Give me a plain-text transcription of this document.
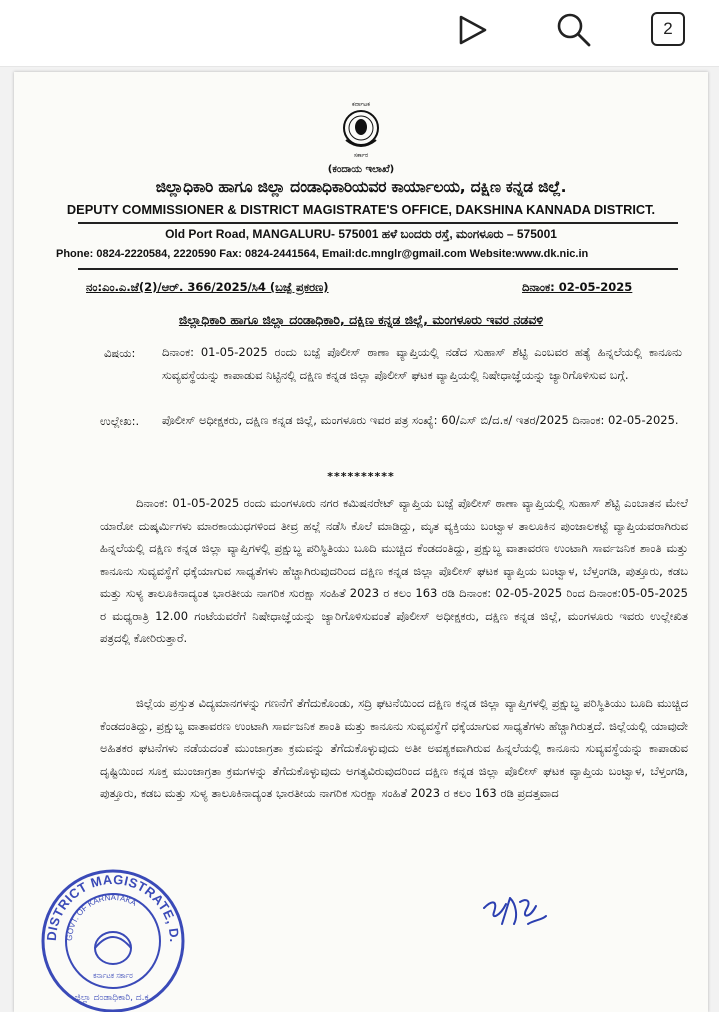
2
ಕರ್ನಾಟಕ
ಸರ್ಕಾರ
(ಕಂದಾಯ ಇಲಾಖೆ)
ಜಿಲ್ಲಾಧಿಕಾರಿ ಹಾಗೂ ಜಿಲ್ಲಾ ದಂಡಾಧಿಕಾರಿಯವರ ಕಾರ್ಯಾಲಯ, ದಕ್ಷಿಣ ಕನ್ನಡ ಜಿಲ್ಲೆ.
DEPUTY COMMISSIONER & DISTRICT MAGISTRATE'S OFFICE, DAKSHINA KANNADA DISTRICT.
Old Port Road, MANGALURU- 575001 ಹಳೆ ಬಂದರು ರಸ್ತೆ, ಮಂಗಳೂರು – 575001
Phone: 0824-2220584, 2220590 Fax: 0824-2441564, Email:dc.mnglr@gmail.com Website:www.dk.nic.in
ನಂ:ಎಂ.ಎ.ಜೆ(2)/ಆರ್. 366/2025/ಸಿ4 (ಬಜ್ಪೆ ಪ್ರಕರಣ)	ದಿನಾಂಕ: 02-05-2025
ಜಿಲ್ಲಾಧಿಕಾರಿ ಹಾಗೂ ಜಿಲ್ಲಾ ದಂಡಾಧಿಕಾರಿ, ದಕ್ಷಿಣ ಕನ್ನಡ ಜಿಲ್ಲೆ, ಮಂಗಳೂರು ಇವರ ನಡವಳಿ
ವಿಷಯ: ದಿನಾಂಕ: 01-05-2025 ರಂದು ಬಜ್ಪೆ ಪೊಲೀಸ್ ಠಾಣಾ ವ್ಯಾಪ್ತಿಯಲ್ಲಿ ನಡೆದ ಸುಹಾಸ್ ಶೆಟ್ಟಿ ಎಂಬವರ ಹತ್ಯೆ ಹಿನ್ನಲೆಯಲ್ಲಿ ಕಾನೂನು ಸುವ್ಯವಸ್ಥೆಯನ್ನು ಕಾಪಾಡುವ ನಿಟ್ಟಿನಲ್ಲಿ ದಕ್ಷಿಣ ಕನ್ನಡ ಜಿಲ್ಲಾ ಪೊಲೀಸ್ ಘಟಕ ವ್ಯಾಪ್ತಿಯಲ್ಲಿ ನಿಷೇಧಾಜ್ಞೆಯನ್ನು ಜ್ಯಾರಿಗೊಳಿಸುವ ಬಗ್ಗೆ.
ಉಲ್ಲೇಖ:. ಪೊಲೀಸ್ ಅಧೀಕ್ಷಕರು, ದಕ್ಷಿಣ ಕನ್ನಡ ಜಿಲ್ಲೆ, ಮಂಗಳೂರು ಇವರ ಪತ್ರ ಸಂಖ್ಯೆ: 60/ಎಸ್ ಬಿ/ದ.ಕ/ ಇತರ/2025 ದಿನಾಂಕ: 02-05-2025.
**********
ದಿನಾಂಕ: 01-05-2025 ರಂದು ಮಂಗಳೂರು ನಗರ ಕಮಿಷನರೇಟ್ ವ್ಯಾಪ್ತಿಯ ಬಜ್ಪೆ ಪೊಲೀಸ್ ಠಾಣಾ ವ್ಯಾಪ್ತಿಯಲ್ಲಿ ಸುಹಾಸ್ ಶೆಟ್ಟಿ ಎಂಬಾತನ ಮೇಲೆ ಯಾರೋ ದುಷ್ಕರ್ಮಿಗಳು ಮಾರಕಾಯುಧಗಳಿಂದ ತೀವ್ರ ಹಲ್ಲೆ ನಡೆಸಿ ಕೊಲೆ ಮಾಡಿದ್ದು, ಮೃತ ವ್ಯಕ್ತಿಯು ಬಂಟ್ವಾಳ ತಾಲೂಕಿನ ಪುಂಜಾಲಕಟ್ಟೆ ವ್ಯಾಪ್ತಿಯವರಾಗಿರುವ ಹಿನ್ನಲೆಯಲ್ಲಿ ದಕ್ಷಿಣ ಕನ್ನಡ ಜಿಲ್ಲಾ ವ್ಯಾಪ್ತಿಗಳಲ್ಲಿ ಪ್ರಕ್ಷುಬ್ಧ ಪರಿಸ್ಥಿತಿಯು ಬೂದಿ ಮುಚ್ಚಿದ ಕೆಂಡದಂತಿದ್ದು, ಪ್ರಕ್ಷುಬ್ಧ ವಾತಾವರಣ ಉಂಟಾಗಿ ಸಾರ್ವಜನಿಕ ಶಾಂತಿ ಮತ್ತು ಕಾನೂನು ಸುವ್ಯವಸ್ಥೆಗೆ ಧಕ್ಕೆಯಾಗುವ ಸಾಧ್ಯತೆಗಳು ಹೆಚ್ಚಾಗಿರುವುದರಿಂದ ದಕ್ಷಿಣ ಕನ್ನಡ ಜಿಲ್ಲಾ ಪೊಲೀಸ್ ಘಟಕ ವ್ಯಾಪ್ತಿಯ ಬಂಟ್ವಾಳ, ಬೆಳ್ತಂಗಡಿ, ಪುತ್ತೂರು, ಕಡಬ ಮತ್ತು ಸುಳ್ಯ ತಾಲೂಕಿನಾದ್ಯಂತ ಭಾರತೀಯ ನಾಗರಿಕ ಸುರಕ್ಷಾ ಸಂಹಿತೆ 2023 ರ ಕಲಂ 163 ರಡಿ ದಿನಾಂಕ: 02-05-2025 ರಿಂದ ದಿನಾಂಕ:05-05-2025 ರ ಮಧ್ಯರಾತ್ರಿ 12.00 ಗಂಟೆಯವರೆಗೆ ನಿಷೇಧಾಜ್ಞೆಯನ್ನು ಜ್ಯಾರಿಗೊಳಿಸುವಂತೆ ಪೊಲೀಸ್ ಅಧೀಕ್ಷಕರು, ದಕ್ಷಿಣ ಕನ್ನಡ ಜಿಲ್ಲೆ, ಮಂಗಳೂರು ಇವರು ಉಲ್ಲೇಖಿತ ಪತ್ರದಲ್ಲಿ ಕೋರಿರುತ್ತಾರೆ.
ಜಿಲ್ಲೆಯ ಪ್ರಸ್ತುತ ವಿದ್ಯಮಾನಗಳನ್ನು ಗಣನೆಗೆ ತೆಗೆದುಕೊಂಡು, ಸದ್ರಿ ಘಟನೆಯಿಂದ ದಕ್ಷಿಣ ಕನ್ನಡ ಜಿಲ್ಲಾ ವ್ಯಾಪ್ತಿಗಳಲ್ಲಿ ಪ್ರಕ್ಷುಬ್ಧ ಪರಿಸ್ಥಿತಿಯು ಬೂದಿ ಮುಚ್ಚಿದ ಕೆಂಡದಂತಿದ್ದು, ಪ್ರಕ್ಷುಬ್ಧ ವಾತಾವರಣ ಉಂಟಾಗಿ ಸಾರ್ವಜನಿಕ ಶಾಂತಿ ಮತ್ತು ಕಾನೂನು ಸುವ್ಯವಸ್ಥೆಗೆ ಧಕ್ಕೆಯಾಗುವ ಸಾಧ್ಯತೆಗಳು ಹೆಚ್ಚಾಗಿರುತ್ತದೆ. ಜಿಲ್ಲೆಯಲ್ಲಿ ಯಾವುದೇ ಅಹಿತಕರ ಘಟನೆಗಳು ನಡೆಯದಂತೆ ಮುಂಜಾಗ್ರತಾ ಕ್ರಮವನ್ನು ತೆಗೆದುಕೊಳ್ಳುವುದು ಅತೀ ಅವಶ್ಯಕವಾಗಿರುವ ಹಿನ್ನಲೆಯಲ್ಲಿ ಕಾನೂನು ಸುವ್ಯವಸ್ಥೆಯನ್ನು ಕಾಪಾಡುವ ದೃಷ್ಟಿಯಿಂದ ಸೂಕ್ತ ಮುಂಜಾಗ್ರತಾ ಕ್ರಮಗಳನ್ನು ತೆಗೆದುಕೊಳ್ಳುವುದು ಅಗತ್ಯವಿರುವುದರಿಂದ ದಕ್ಷಿಣ ಕನ್ನಡ ಜಿಲ್ಲಾ ಪೊಲೀಸ್ ಘಟಕ ವ್ಯಾಪ್ತಿಯ ಬಂಟ್ವಾಳ, ಬೆಳ್ತಂಗಡಿ, ಪುತ್ತೂರು, ಕಡಬ ಮತ್ತು ಸುಳ್ಯ ತಾಲೂಕಿನಾದ್ಯಂತ ಭಾರತೀಯ ನಾಗರಿಕ ಸುರಕ್ಷಾ ಸಂಹಿತೆ 2023 ರ ಕಲಂ 163 ರಡಿ ಪ್ರದತ್ತವಾದ
DISTRICT MAGISTRATE, D.
GOVT. OF KARNATAKA
ಕರ್ನಾಟಕ ಸರ್ಕಾರ
ಜಿಲ್ಲಾ ದಂಡಾಧಿಕಾರಿ, ದ.ಕ.
